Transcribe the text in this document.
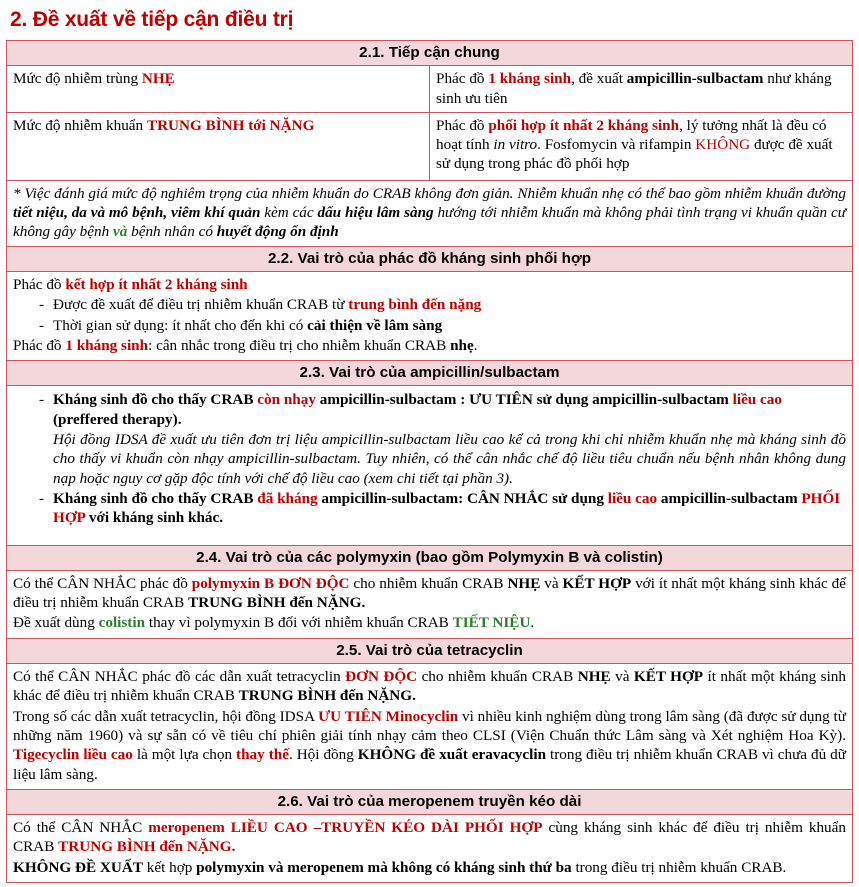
2. Đề xuất về tiếp cận điều trị
2.1. Tiếp cận chung	
Mức độ nhiễm trùng NHẸ	Phác đồ 1 kháng sinh, đề xuất ampicillin-sulbactam như kháng sinh ưu tiên
Mức độ nhiễm khuẩn TRUNG BÌNH tới NẶNG	Phác đồ phối hợp ít nhất 2 kháng sinh, lý tưởng nhất là đều có hoạt tính in vitro. Fosfomycin và rifampin KHÔNG được đề xuất sử dụng trong phác đồ phối hợp
* Việc đánh giá mức độ nghiêm trọng của nhiễm khuẩn do CRAB không đơn giản. Nhiễm khuẩn nhẹ có thể bao gồm nhiễm khuẩn đường tiết niệu, da và mô bệnh, viêm khí quản kèm các dấu hiệu lâm sàng hướng tới nhiễm khuẩn mà không phải tình trạng vi khuẩn quần cư không gây bệnh và bệnh nhân có huyết động ổn định	
2.2. Vai trò của phác đồ kháng sinh phối hợp	

Phác đồ kết hợp ít nhất 2 kháng sinh

- Được đề xuất để điều trị nhiễm khuẩn CRAB từ trung bình đến nặng
- Thời gian sử dụng: ít nhất cho đến khi có cải thiện về lâm sàng

Phác đồ 1 kháng sinh: cân nhắc trong điều trị cho nhiễm khuẩn CRAB nhẹ.

2.3. Vai trò của ampicillin/sulbactam	

- Kháng sinh đồ cho thấy CRAB còn nhạy ampicillin-sulbactam : ƯU TIÊN sử dụng ampicillin-sulbactam liều cao (preffered therapy).
Hội đồng IDSA đề xuất ưu tiên đơn trị liệu ampicillin-sulbactam liều cao kể cả trong khi chỉ nhiễm khuẩn nhẹ mà kháng sinh đồ cho thấy vi khuẩn còn nhạy ampicillin-sulbactam. Tuy nhiên, có thể cân nhắc chế độ liều tiêu chuẩn nếu bệnh nhân không dung nạp hoặc nguy cơ gặp độc tính với chế độ liều cao (xem chi tiết tại phần 3).
- Kháng sinh đồ cho thấy CRAB đã kháng ampicillin-sulbactam: CÂN NHẮC sử dụng liều cao ampicillin-sulbactam PHỐI HỢP với kháng sinh khác.

2.4. Vai trò của các polymyxin (bao gồm Polymyxin B và colistin)	

Có thể CÂN NHẮC phác đồ polymyxin B ĐƠN ĐỘC cho nhiễm khuẩn CRAB NHẸ và KẾT HỢP với ít nhất một kháng sinh khác để điều trị nhiễm khuẩn CRAB TRUNG BÌNH đến NẶNG.

Đề xuất dùng colistin thay vì polymyxin B đối với nhiễm khuẩn CRAB TIẾT NIỆU.	

2.5. Vai trò của tetracyclin	

Có thể CÂN NHẮC phác đồ các dẫn xuất tetracyclin ĐƠN ĐỘC cho nhiễm khuẩn CRAB NHẸ và KẾT HỢP ít nhất một kháng sinh khác để điều trị nhiễm khuẩn CRAB TRUNG BÌNH đến NẶNG.

Trong số các dẫn xuất tetracyclin, hội đồng IDSA ƯU TIÊN Minocyclin vì nhiều kinh nghiệm dùng trong lâm sàng (đã được sử dụng từ những năm 1960) và sự sẵn có về tiêu chí phiên giải tính nhạy cảm theo CLSI (Viện Chuẩn thức Lâm sàng và Xét nghiệm Hoa Kỳ). Tigecyclin liều cao là một lựa chọn thay thế. Hội đồng KHÔNG đề xuất eravacyclin trong điều trị nhiễm khuẩn CRAB vì chưa đủ dữ liệu lâm sàng.	

2.6. Vai trò của meropenem truyền kéo dài	

Có thể CÂN NHẮC meropenem LIỀU CAO –TRUYỀN KÉO DÀI PHỐI HỢP cùng kháng sinh khác để điều trị nhiễm khuẩn CRAB TRUNG BÌNH đến NẶNG.

KHÔNG ĐỀ XUẤT kết hợp polymyxin và meropenem mà không có kháng sinh thứ ba trong điều trị nhiễm khuẩn CRAB.	
